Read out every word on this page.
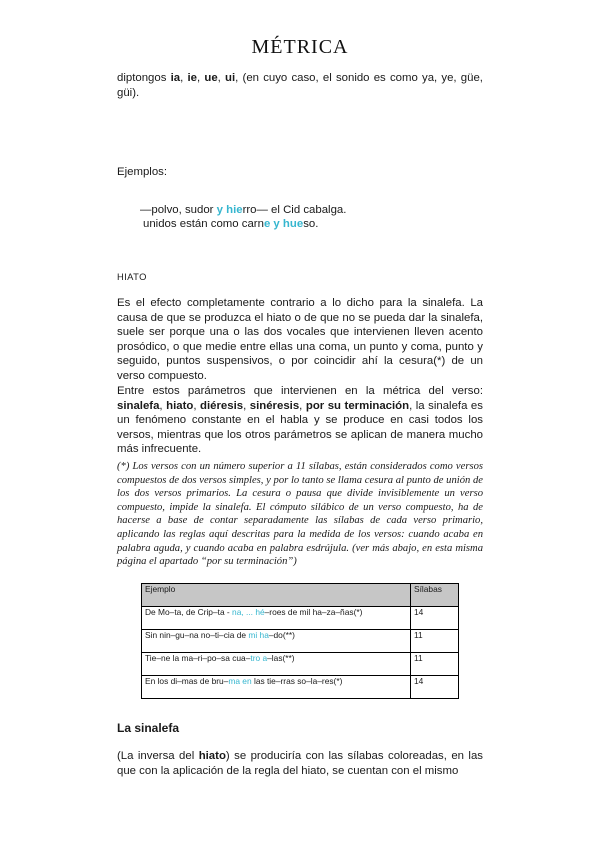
MÉTRICA
diptongos ia, ie, ue, ui, (en cuyo caso, el sonido es como ya, ye, güe, güi).
Ejemplos:
—polvo, sudor y hierro— el Cid cabalga.
unidos están como carne y hueso.
HIATO
Es el efecto completamente contrario a lo dicho para la sinalefa. La causa de que se produzca el hiato o de que no se pueda dar la sinalefa, suele ser porque una o las dos vocales que intervienen lleven acento prosódico, o que medie entre ellas una coma, un punto y coma, punto y seguido, puntos suspensivos, o por coincidir ahí la cesura(*) de un verso compuesto.
Entre estos parámetros que intervienen en la métrica del verso: sinalefa, hiato, diéresis, sinéresis, por su terminación, la sinalefa es un fenómeno constante en el habla y se produce en casi todos los versos, mientras que los otros parámetros se aplican de manera mucho más infrecuente.
(*) Los versos con un número superior a 11 sílabas, están considerados como versos compuestos de dos versos simples, y por lo tanto se llama cesura al punto de unión de los dos versos primarios. La cesura o pausa que divide invisiblemente un verso compuesto, impide la sinalefa. El cómputo silábico de un verso compuesto, ha de hacerse a base de contar separadamente las sílabas de cada verso primario, aplicando las reglas aquí descritas para la medida de los versos: cuando acaba en palabra aguda, y cuando acaba en palabra esdrújula. (ver más abajo, en esta misma página el apartado “por su terminación”)
Ejemplo	Sílabas
De Mo–ta, de Crip–ta - na, ... hé–roes de mil ha–za–ñas(*)	14
Sin nin–gu–na no–ti–cia de mi ha–do(**)	11
Tie–ne la ma–ri–po–sa cua–tro a–las(**)	11
En los di–mas de bru–ma en las tie–rras so–la–res(*)	14
La sinalefa
(La inversa del hiato) se produciría con las sílabas coloreadas, en las que con la aplicación de la regla del hiato, se cuentan con el mismo
